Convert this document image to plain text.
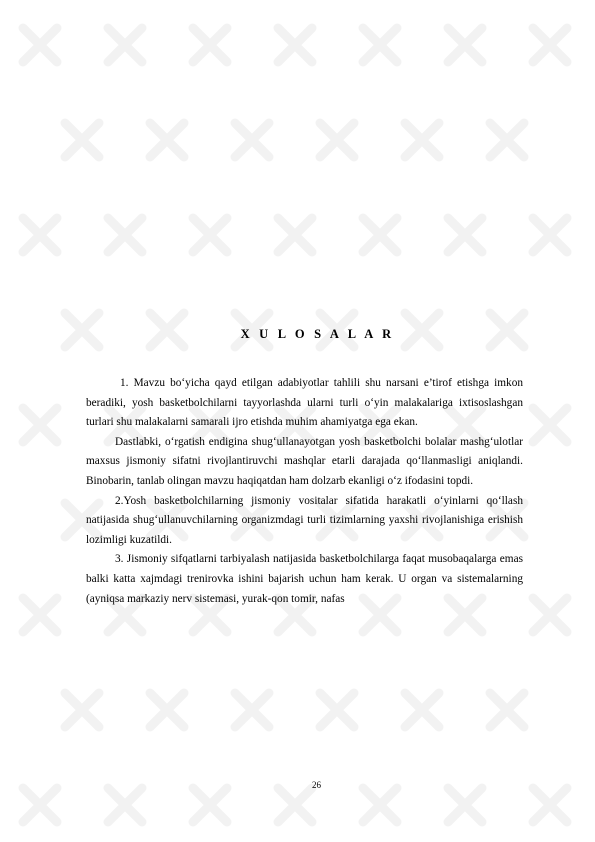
X U L O S A L A R

1. Mavzu bo‘yicha qayd etilgan adabiyotlar tahlili shu narsani e’tirof etishga imkon beradiki, yosh basketbolchilarni tayyorlashda ularni turli o‘yin malakalariga ixtisoslashgan turlari shu malakalarni samarali ijro etishda muhim ahamiyatga ega ekan.

Dastlabki, o‘rgatish endigina shug‘ullanayotgan yosh basketbolchi bolalar mashg‘ulotlar maxsus jismoniy sifatni rivojlantiruvchi mashqlar etarli darajada qo‘llanmasligi aniqlandi. Binobarin, tanlab olingan mavzu haqiqatdan ham dolzarb ekanligi o‘z ifodasini topdi.

2.Yosh basketbolchilarning jismoniy vositalar sifatida harakatli o‘yinlarni qo‘llash natijasida shug‘ullanuvchilarning organizmdagi turli tizimlarning yaxshi rivojlanishiga erishish lozimligi kuzatildi.

3. Jismoniy sifqatlarni tarbiyalash natijasida basketbolchilarga faqat musobaqalarga emas balki katta xajmdagi trenirovka ishini bajarish uchun ham kerak. U organ va sistemalarning (ayniqsa markaziy nerv sistemasi, yurak-qon tomir, nafas

26
